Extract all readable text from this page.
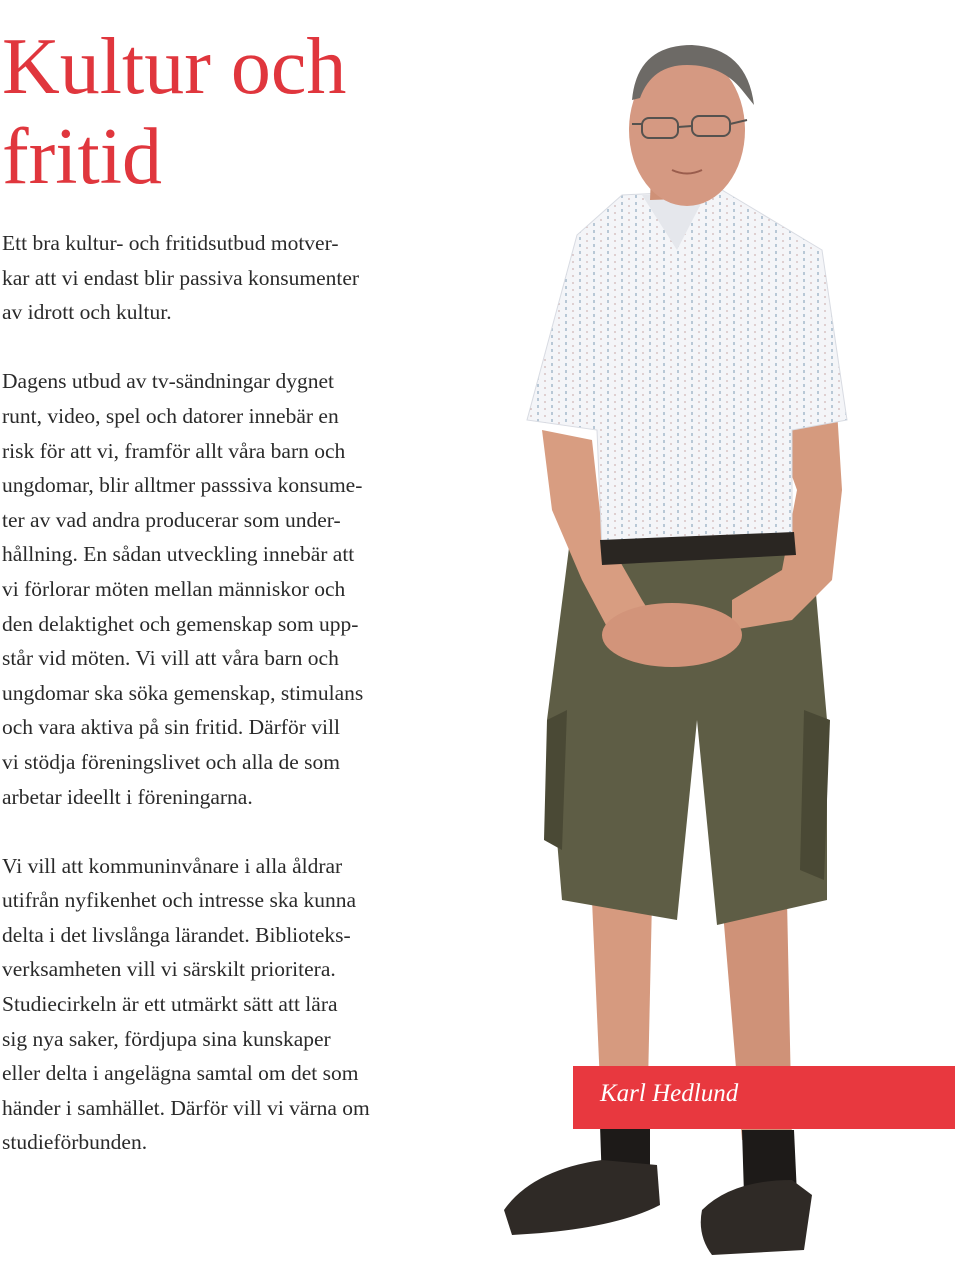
Kultur och
fritid

Ett bra kultur- och fritidsutbud motver-
kar att vi endast blir passiva konsumenter
av idrott och kultur.

Dagens utbud av tv-sändningar dygnet
runt, video, spel och datorer innebär en
risk för att vi, framför allt våra barn och
ungdomar, blir alltmer passsiva konsume-
ter av vad andra producerar som under-
hållning. En sådan utveckling innebär att
vi förlorar möten mellan människor och
den delaktighet och gemenskap som upp-
står vid möten. Vi vill att våra barn och
ungdomar ska söka gemenskap, stimulans
och vara aktiva på sin fritid. Därför vill
vi stödja föreningslivet och alla de som
arbetar ideellt i föreningarna.

Vi vill att kommuninvånare i alla åldrar
utifrån nyfikenhet och intresse ska kunna
delta i det livslånga lärandet. Biblioteks-
verksamheten vill vi särskilt prioritera.
Studiecirkeln är ett utmärkt sätt att lära
sig nya saker, fördjupa sina kunskaper
eller delta i angelägna samtal om det som
händer i samhället. Därför vill vi värna om
studieförbunden.

Karl Hedlund
